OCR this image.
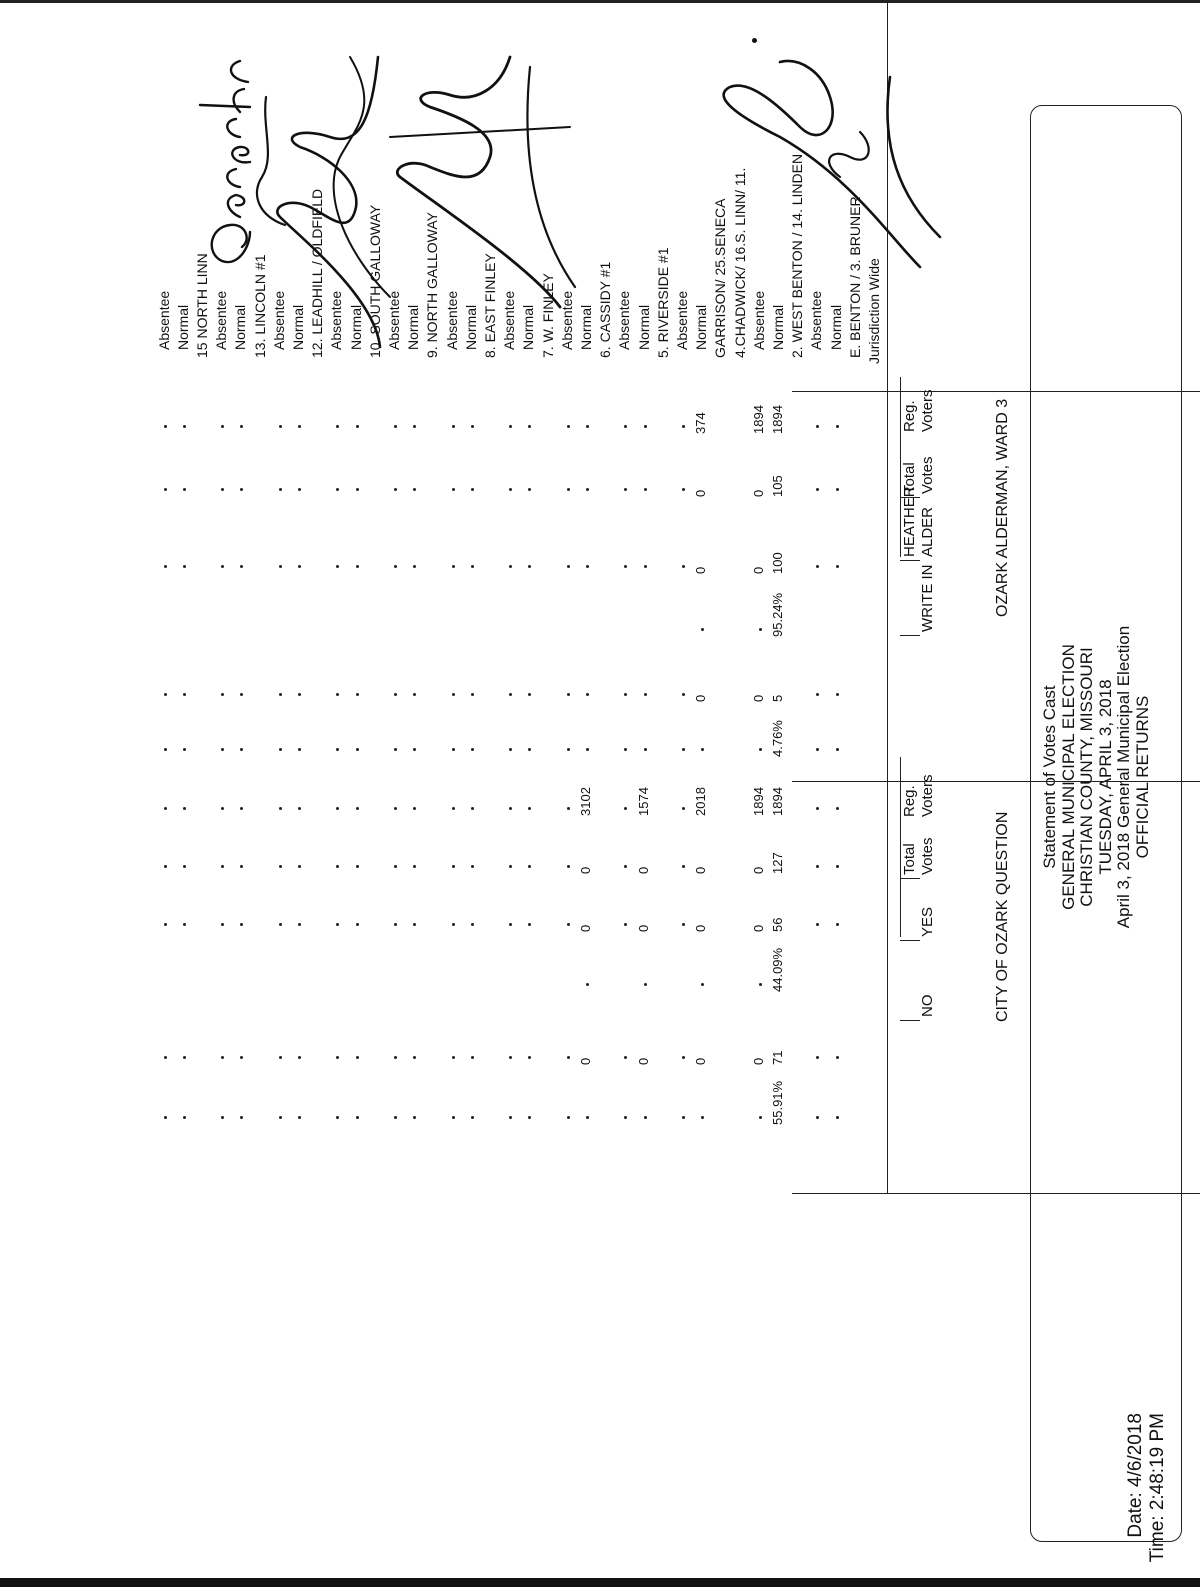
Statement of Votes Cast GENERAL MUNICIPAL ELECTION CHRISTIAN COUNTY, MISSOURI TUESDAY, APRIL 3, 2018 April 3, 2018 General Municipal Election OFFICIAL RETURNS
Date: 4/6/2018 Time: 2:48:19 PM
Jurisdiction Wide
E. BENTON / 3. BRUNER
Normal
Absentee
2. WEST BENTON / 14. LINDEN
Normal
Absentee
4.CHADWICK/ 16.S. LINN/ 11.
GARRISON/ 25.SENECA
Normal
Absentee
5. RIVERSIDE #1
Normal
Absentee
6. CASSIDY #1
Normal
Absentee
7. W. FINLEY
Normal
Absentee
8. EAST FINLEY
Normal
Absentee
9. NORTH GALLOWAY
Normal
Absentee
10. SOUTH GALLOWAY
Normal
Absentee
12. LEADHILL / OLDFIELD
Normal
Absentee
13. LINCOLN #1
Normal
Absentee
15 NORTH LINN
Normal
Absentee
OZARK ALDERMAN, WARD 3
CITY OF OZARK QUESTION
Reg. Voters
Total Votes
HEATHER ALDER
WRITE IN
Reg. Voters
Total Votes
YES
NO
1894
105
100
95.24%
5
4.76%
1894
127
56
44.09%
71
55.91%
1894
0
0
0
1894
0
0
0
374
0
0
0
2018
0
0
0
1574
0
0
0
3102
0
0
0
